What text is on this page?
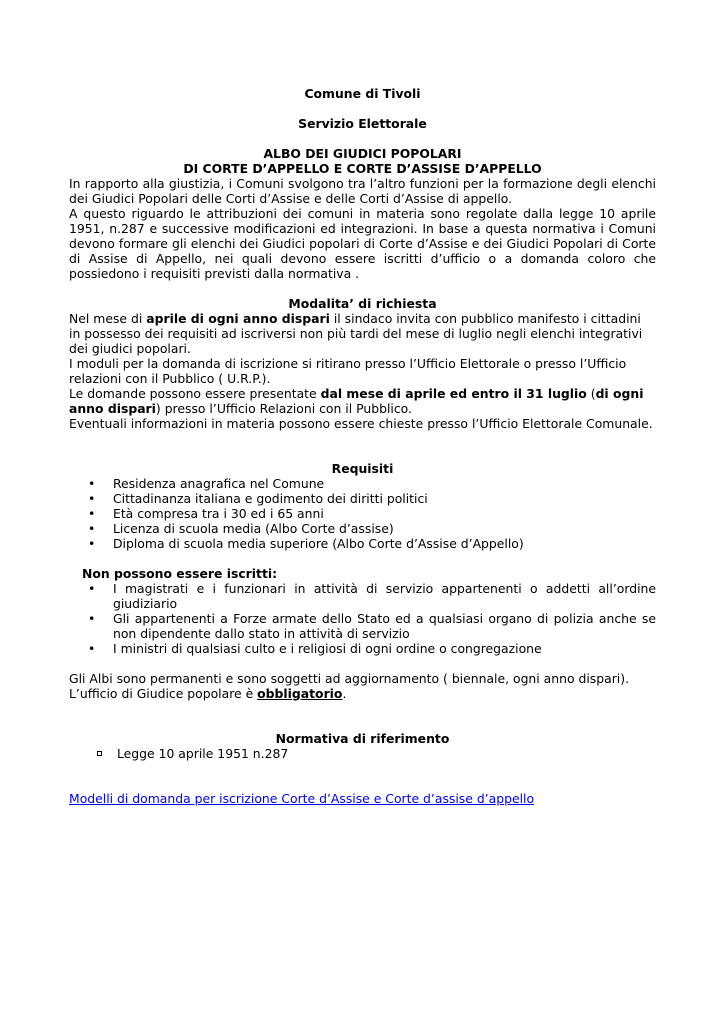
Comune di Tivoli

Servizio Elettorale

ALBO DEI GIUDICI POPOLARI

DI CORTE D’APPELLO E CORTE D’ASSISE D’APPELLO

In rapporto alla giustizia, i Comuni svolgono tra l’altro funzioni per la formazione degli elenchi dei Giudici Popolari delle Corti d’Assise e delle Corti d’Assise di appello.

A questo riguardo le attribuzioni dei comuni in materia sono regolate dalla legge 10 aprile 1951, n.287 e successive modificazioni ed integrazioni. In base a questa normativa i Comuni devono formare gli elenchi dei Giudici popolari di Corte d’Assise e dei Giudici Popolari di Corte di Assise di Appello, nei quali devono essere iscritti d’ufficio o a domanda coloro che possiedono i requisiti previsti dalla normativa .

Modalita’ di richiesta

Nel mese di aprile di ogni anno dispari il sindaco invita con pubblico manifesto i cittadini in possesso dei requisiti ad iscriversi non più tardi del mese di luglio negli elenchi integrativi dei giudici popolari.

I moduli per la domanda di iscrizione si ritirano presso l’Ufficio Elettorale o presso l’Ufficio relazioni con il Pubblico ( U.R.P.).

Le domande possono essere presentate dal mese di aprile ed entro il 31 luglio (di ogni anno dispari) presso l’Ufficio Relazioni con il Pubblico.

Eventuali informazioni in materia possono essere chieste presso l’Ufficio Elettorale Comunale.

Requisiti

• Residenza anagrafica nel Comune
• Cittadinanza italiana e godimento dei diritti politici
• Età compresa tra i 30 ed i 65 anni
• Licenza di scuola media (Albo Corte d’assise)
• Diploma di scuola media superiore (Albo Corte d’Assise d’Appello)

Non possono essere iscritti:

• I magistrati e i funzionari in attività di servizio appartenenti o addetti all’ordine giudiziario
• Gli appartenenti a Forze armate dello Stato ed a qualsiasi organo di polizia anche se non dipendente dallo stato in attività di servizio
• I ministri di qualsiasi culto e i religiosi di ogni ordine o congregazione

Gli Albi sono permanenti e sono soggetti ad aggiornamento ( biennale, ogni anno dispari).

L’ufficio di Giudice popolare è obbligatorio.

Normativa di riferimento

Legge 10 aprile 1951 n.287

Modelli di domanda per iscrizione Corte d’Assise e Corte d’assise d’appello
